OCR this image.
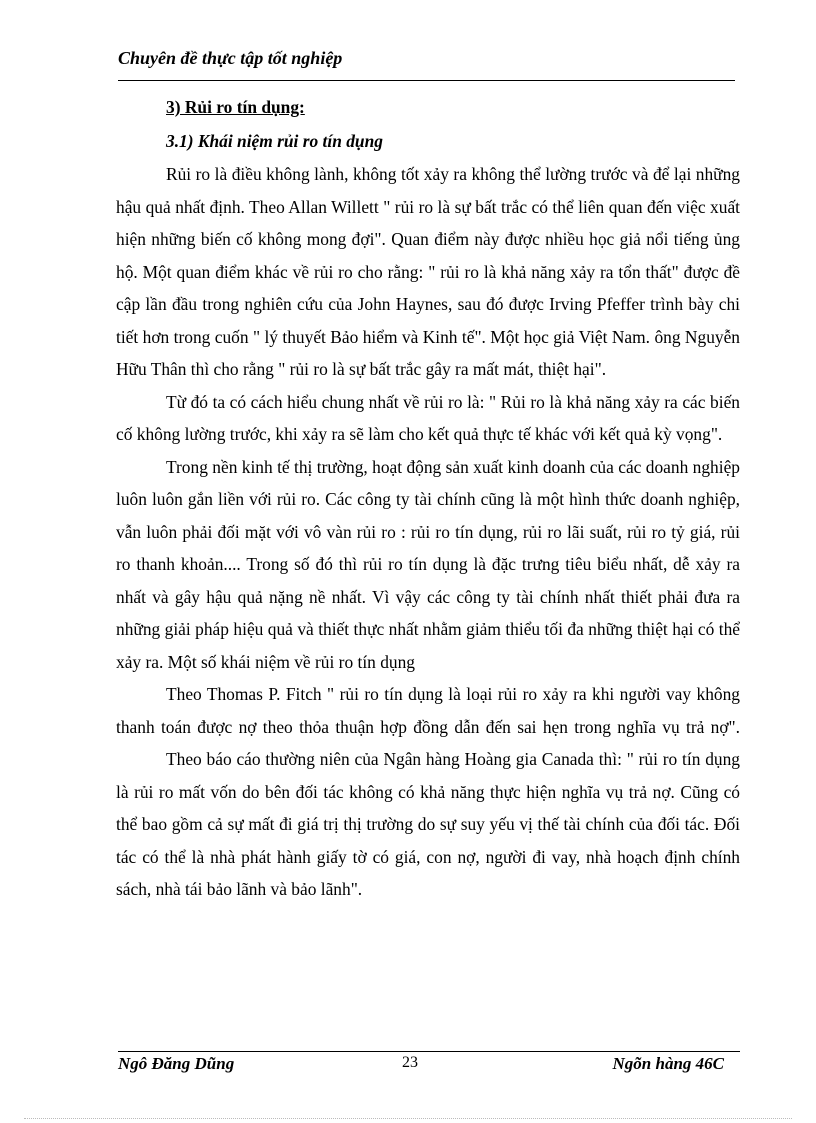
Chuyên đề thực tập tốt nghiệp

3) Rủi ro tín dụng:

3.1) Khái niệm rủi ro tín dụng

Rủi ro là điều không lành, không tốt xảy ra không thể lường trước và để lại những hậu quả nhất định. Theo Allan Willett " rủi ro là sự bất trắc có thể liên quan đến việc xuất hiện những biến cố không mong đợi". Quan điểm này được nhiều học giả nổi tiếng ủng hộ. Một quan điểm khác về rủi ro cho rằng: " rủi ro là khả năng xảy ra tổn thất" được đề cập lần đầu trong nghiên cứu của John Haynes, sau đó được Irving Pfeffer trình bày chi tiết hơn trong cuốn " lý thuyết Bảo hiểm và Kinh tế". Một học giả Việt Nam. ông Nguyễn Hữu Thân thì cho rằng " rủi ro là sự bất trắc gây ra mất mát, thiệt hại".

Từ đó ta có cách hiểu chung nhất về rủi ro là: " Rủi ro là khả năng xảy ra các biến cố không lường trước, khi xảy ra sẽ làm cho kết quả thực tế khác với kết quả kỳ vọng".

Trong nền kinh tế thị trường, hoạt động sản xuất kinh doanh của các doanh nghiệp luôn luôn gắn liền với rủi ro. Các công ty tài chính cũng là một hình thức doanh nghiệp, vẫn luôn phải đối mặt với vô vàn rủi ro : rủi ro tín dụng, rủi ro lãi suất, rủi ro tỷ giá, rủi ro thanh khoản.... Trong số đó thì rủi ro tín dụng là đặc trưng tiêu biểu nhất, dễ xảy ra nhất và gây hậu quả nặng nề nhất. Vì vậy các công ty tài chính nhất thiết phải đưa ra những giải pháp hiệu quả và thiết thực nhất nhằm giảm thiểu tối đa những thiệt hại có thể xảy ra. Một số khái niệm về rủi ro tín dụng

Theo Thomas P. Fitch " rủi ro tín dụng là loại rủi ro xảy ra khi người vay không thanh toán được nợ theo thỏa thuận hợp đồng dẫn đến sai hẹn trong nghĩa vụ trả nợ".

Theo báo cáo thường niên của Ngân hàng Hoàng gia Canada thì: " rủi ro tín dụng là rủi ro mất vốn do bên đối tác không có khả năng thực hiện nghĩa vụ trả nợ. Cũng có thể bao gồm cả sự mất đi giá trị thị trường do sự suy yếu vị thế tài chính của đối tác. Đối tác có thể là nhà phát hành giấy tờ có giá, con nợ, người đi vay, nhà hoạch định chính sách, nhà tái bảo lãnh và bảo lãnh".

Ngô Đăng Dũng	23	Ngõn hàng 46C
